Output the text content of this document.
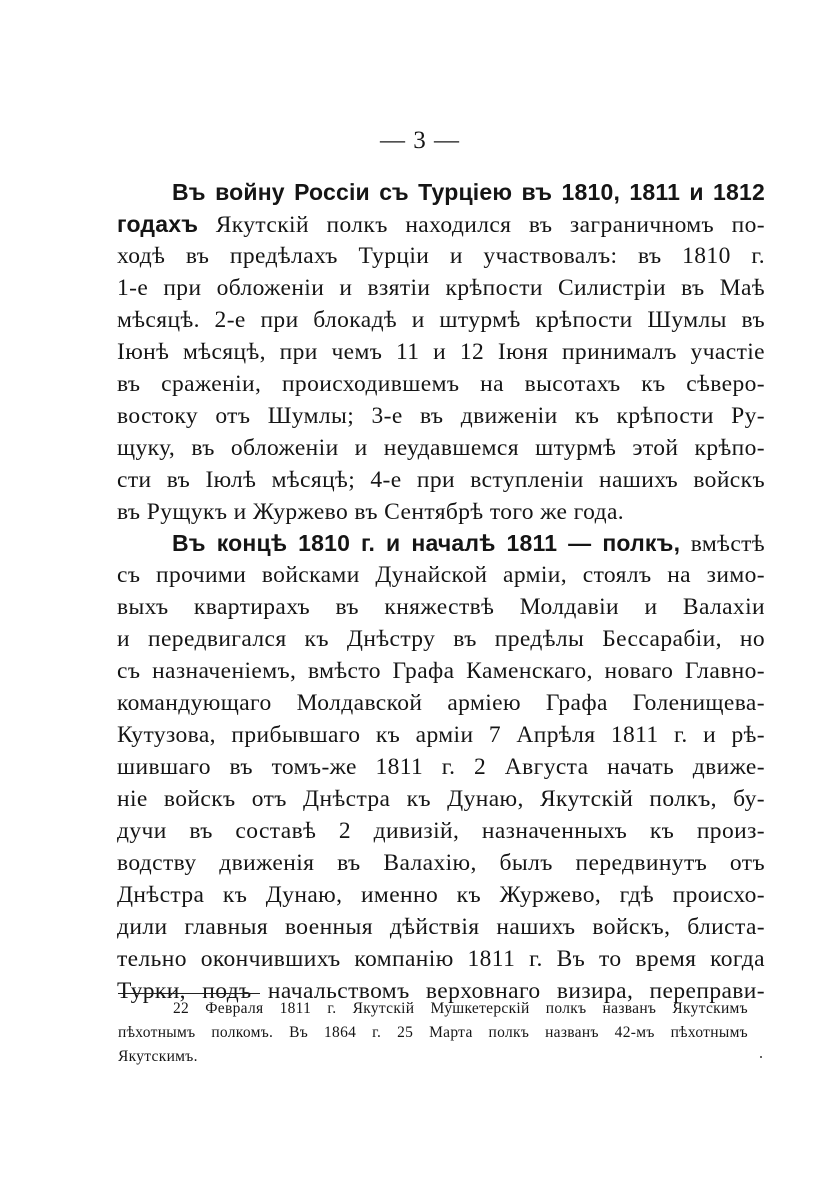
— 3 —
Въ войну Россіи съ Турціею въ 1810, 1811 и 1812
годахъ Якутскій полкъ находился въ заграничномъ по-
ходѣ въ предѣлахъ Турціи и участвовалъ: въ 1810 г.
1-е при обложеніи и взятіи крѣпости Силистріи въ Маѣ
мѣсяцѣ. 2-е при блокадѣ и штурмѣ крѣпости Шумлы въ
Іюнѣ мѣсяцѣ, при чемъ 11 и 12 Іюня принималъ участіе
въ сраженіи, происходившемъ на высотахъ къ сѣверо-
востоку отъ Шумлы; 3-е въ движеніи къ крѣпости Ру-
щуку, въ обложеніи и неудавшемся штурмѣ этой крѣпо-
сти въ Іюлѣ мѣсяцѣ; 4-е при вступленіи нашихъ войскъ
въ Рущукъ и Журжево въ Сентябрѣ того же года.
Въ концѣ 1810 г. и началѣ 1811 — полкъ, вмѣстѣ
съ прочими войсками Дунайской арміи, стоялъ на зимо-
выхъ квартирахъ въ княжествѣ Молдавіи и Валахіи
и передвигался къ Днѣстру въ предѣлы Бессарабіи, но
съ назначеніемъ, вмѣсто Графа Каменскаго, новаго Главно-
командующаго Молдавской арміею Графа Голенищева-
Кутузова, прибывшаго къ арміи 7 Апрѣля 1811 г. и рѣ-
шившаго въ томъ-же 1811 г. 2 Августа начать движе-
ніе войскъ отъ Днѣстра къ Дунаю, Якутскій полкъ, бу-
дучи въ составѣ 2 дивизій, назначенныхъ къ произ-
водству движенія въ Валахію, былъ передвинутъ отъ
Днѣстра къ Дунаю, именно къ Журжево, гдѣ происхо-
дили главныя военныя дѣйствія нашихъ войскъ, блиста-
тельно окончившихъ компанію 1811 г. Въ то время когда
Турки, подъ начальствомъ верховнаго визира, переправи-
22 Февраля 1811 г. Якутскій Мушкетерскій полкъ названъ Якутскимъ
пѣхотнымъ полкомъ. Въ 1864 г. 25 Марта полкъ названъ 42-мъ пѣхотнымъ
Якутскимъ.
